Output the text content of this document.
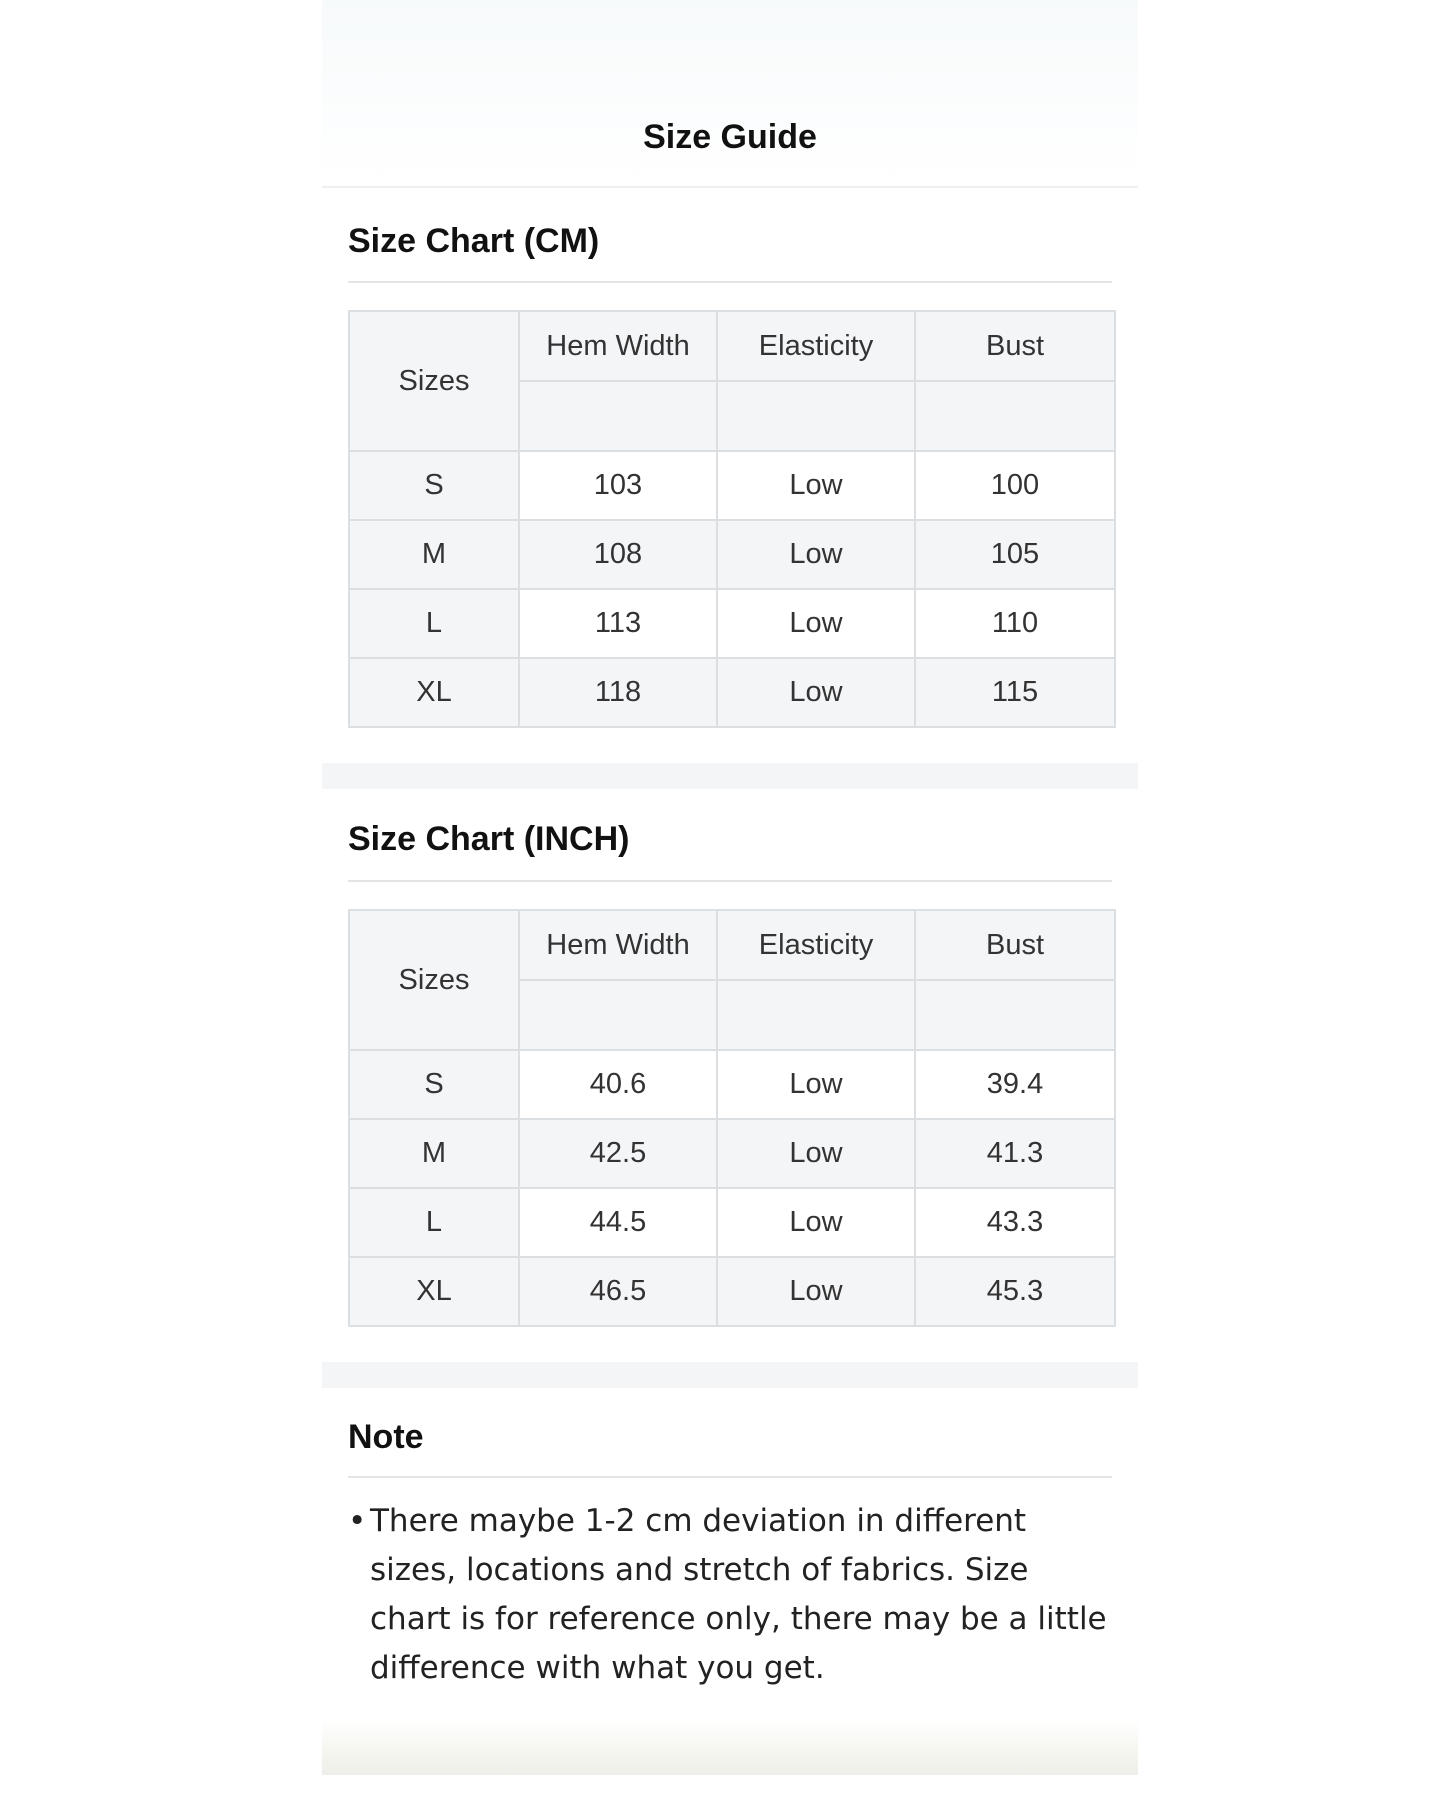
Size Guide
Size Chart (CM)
Sizes	Hem Width	Elasticity	Bust

S	103	Low	100
M	108	Low	105
L	113	Low	110
XL	118	Low	115
Size Chart (INCH)
Sizes	Hem Width	Elasticity	Bust

S	40.6	Low	39.4
M	42.5	Low	41.3
L	44.5	Low	43.3
XL	46.5	Low	45.3
Note
• There maybe 1-2 cm deviation in different sizes, locations and stretch of fabrics. Size chart is for reference only, there may be a little difference with what you get.
